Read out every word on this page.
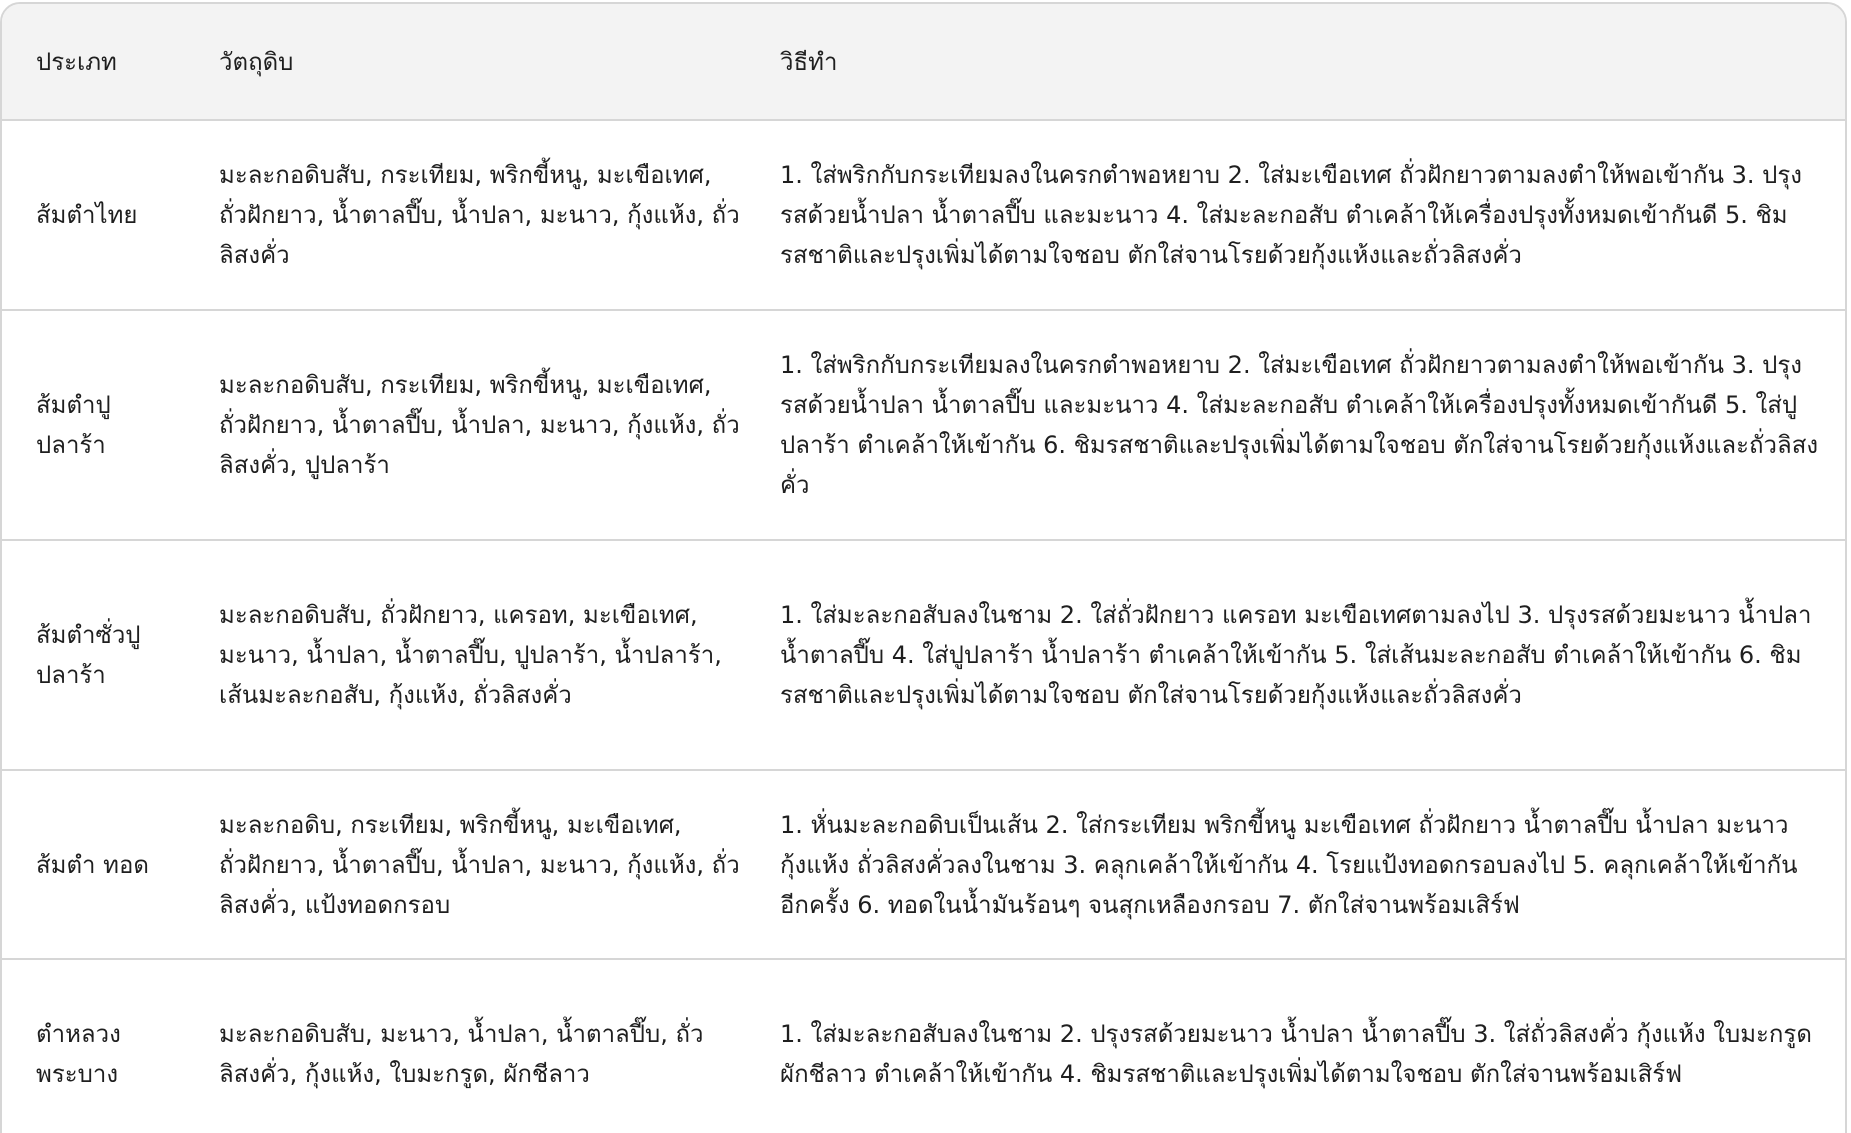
ประเภท	วัตถุดิบ	วิธีทำ
ส้มตำไทย
มะละกอดิบสับ, กระเทียม, พริกขี้หนู, มะเขือเทศ, ถั่วฝักยาว, น้ำตาลปี๊บ, น้ำปลา, มะนาว, กุ้งแห้ง, ถั่วลิสงคั่ว
1. ใส่พริกกับกระเทียมลงในครกตำพอหยาบ 2. ใส่มะเขือเทศ ถั่วฝักยาวตามลงตำให้พอเข้ากัน 3. ปรุงรสด้วยน้ำปลา น้ำตาลปี๊บ และมะนาว 4. ใส่มะละกอสับ ตำเคล้าให้เครื่องปรุงทั้งหมดเข้ากันดี 5. ชิมรสชาติและปรุงเพิ่มได้ตามใจชอบ ตักใส่จานโรยด้วยกุ้งแห้งและถั่วลิสงคั่ว
ส้มตำปู ปลาร้า
มะละกอดิบสับ, กระเทียม, พริกขี้หนู, มะเขือเทศ, ถั่วฝักยาว, น้ำตาลปี๊บ, น้ำปลา, มะนาว, กุ้งแห้ง, ถั่วลิสงคั่ว, ปูปลาร้า
1. ใส่พริกกับกระเทียมลงในครกตำพอหยาบ 2. ใส่มะเขือเทศ ถั่วฝักยาวตามลงตำให้พอเข้ากัน 3. ปรุงรสด้วยน้ำปลา น้ำตาลปี๊บ และมะนาว 4. ใส่มะละกอสับ ตำเคล้าให้เครื่องปรุงทั้งหมดเข้ากันดี 5. ใส่ปูปลาร้า ตำเคล้าให้เข้ากัน 6. ชิมรสชาติและปรุงเพิ่มได้ตามใจชอบ ตักใส่จานโรยด้วยกุ้งแห้งและถั่วลิสงคั่ว
ส้มตำซั่วปู ปลาร้า
มะละกอดิบสับ, ถั่วฝักยาว, แครอท, มะเขือเทศ, มะนาว, น้ำปลา, น้ำตาลปี๊บ, ปูปลาร้า, น้ำปลาร้า, เส้นมะละกอสับ, กุ้งแห้ง, ถั่วลิสงคั่ว
1. ใส่มะละกอสับลงในชาม 2. ใส่ถั่วฝักยาว แครอท มะเขือเทศตามลงไป 3. ปรุงรสด้วยมะนาว น้ำปลา น้ำตาลปี๊บ 4. ใส่ปูปลาร้า น้ำปลาร้า ตำเคล้าให้เข้ากัน 5. ใส่เส้นมะละกอสับ ตำเคล้าให้เข้ากัน 6. ชิมรสชาติและปรุงเพิ่มได้ตามใจชอบ ตักใส่จานโรยด้วยกุ้งแห้งและถั่วลิสงคั่ว
ส้มตำ ทอด
มะละกอดิบ, กระเทียม, พริกขี้หนู, มะเขือเทศ, ถั่วฝักยาว, น้ำตาลปี๊บ, น้ำปลา, มะนาว, กุ้งแห้ง, ถั่วลิสงคั่ว, แป้งทอดกรอบ
1. หั่นมะละกอดิบเป็นเส้น 2. ใส่กระเทียม พริกขี้หนู มะเขือเทศ ถั่วฝักยาว น้ำตาลปี๊บ น้ำปลา มะนาว กุ้งแห้ง ถั่วลิสงคั่วลงในชาม 3. คลุกเคล้าให้เข้ากัน 4. โรยแป้งทอดกรอบลงไป 5. คลุกเคล้าให้เข้ากันอีกครั้ง 6. ทอดในน้ำมันร้อนๆ จนสุกเหลืองกรอบ 7. ตักใส่จานพร้อมเสิร์ฟ
ตำหลวง พระบาง
มะละกอดิบสับ, มะนาว, น้ำปลา, น้ำตาลปี๊บ, ถั่วลิสงคั่ว, กุ้งแห้ง, ใบมะกรูด, ผักชีลาว
1. ใส่มะละกอสับลงในชาม 2. ปรุงรสด้วยมะนาว น้ำปลา น้ำตาลปี๊บ 3. ใส่ถั่วลิสงคั่ว กุ้งแห้ง ใบมะกรูด ผักชีลาว ตำเคล้าให้เข้ากัน 4. ชิมรสชาติและปรุงเพิ่มได้ตามใจชอบ ตักใส่จานพร้อมเสิร์ฟ
